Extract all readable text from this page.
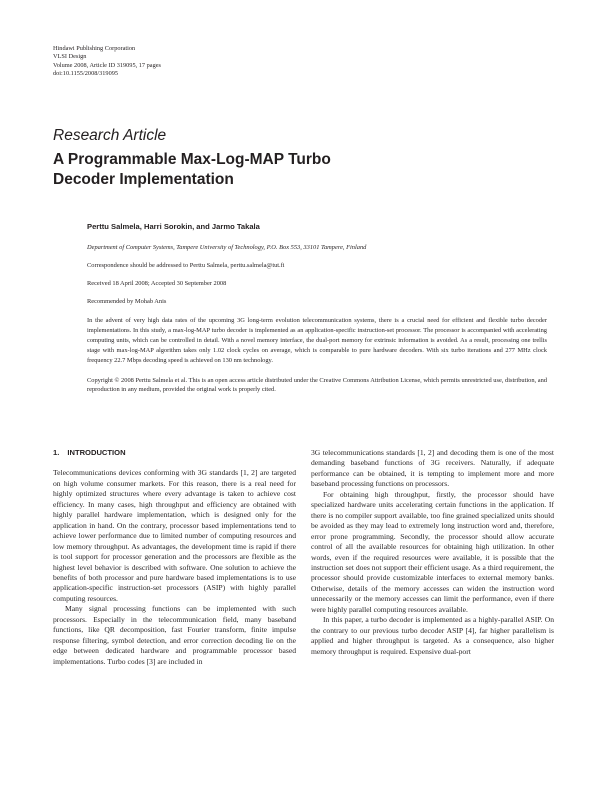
Hindawi Publishing Corporation
VLSI Design
Volume 2008, Article ID 319095, 17 pages
doi:10.1155/2008/319095
Research Article
A Programmable Max-Log-MAP Turbo
Decoder Implementation
Perttu Salmela, Harri Sorokin, and Jarmo Takala
Department of Computer Systems, Tampere University of Technology, P.O. Box 553, 33101 Tampere, Finland
Correspondence should be addressed to Perttu Salmela, perttu.salmela@tut.fi
Received 18 April 2008; Accepted 30 September 2008
Recommended by Mohab Anis

In the advent of very high data rates of the upcoming 3G long-term evolution telecommunication systems, there is a crucial need for efficient and flexible turbo decoder implementations. In this study, a max-log-MAP turbo decoder is implemented as an application-specific instruction-set processor. The processor is accompanied with accelerating computing units, which can be controlled in detail. With a novel memory interface, the dual-port memory for extrinsic information is avoided. As a result, processing one trellis stage with max-log-MAP algorithm takes only 1.02 clock cycles on average, which is comparable to pure hardware decoders. With six turbo iterations and 277 MHz clock frequency 22.7 Mbps decoding speed is achieved on 130 nm technology.

Copyright © 2008 Perttu Salmela et al. This is an open access article distributed under the Creative Commons Attribution License, which permits unrestricted use, distribution, and reproduction in any medium, provided the original work is properly cited.

1. INTRODUCTION

Telecommunications devices conforming with 3G standards [1, 2] are targeted on high volume consumer markets. For this reason, there is a real need for highly optimized structures where every advantage is taken to achieve cost efficiency. In many cases, high throughput and efficiency are obtained with highly parallel hardware implementation, which is designed only for the application in hand. On the contrary, processor based implementations tend to achieve lower performance due to limited number of computing resources and low memory throughput. As advantages, the development time is rapid if there is tool support for processor generation and the processors are flexible as the highest level behavior is described with software. One solution to achieve the benefits of both processor and pure hardware based implementations is to use application-specific instruction-set processors (ASIP) with highly parallel computing resources.

Many signal processing functions can be implemented with such processors. Especially in the telecommunication field, many baseband functions, like QR decomposition, fast Fourier transform, finite impulse response filtering, symbol detection, and error correction decoding lie on the edge between dedicated hardware and programmable processor based implementations. Turbo codes [3] are included in

3G telecommunications standards [1, 2] and decoding them is one of the most demanding baseband functions of 3G receivers. Naturally, if adequate performance can be obtained, it is tempting to implement more and more baseband processing functions on processors.

For obtaining high throughput, firstly, the processor should have specialized hardware units accelerating certain functions in the application. If there is no compiler support available, too fine grained specialized units should be avoided as they may lead to extremely long instruction word and, therefore, error prone programming. Secondly, the processor should allow accurate control of all the available resources for obtaining high utilization. In other words, even if the required resources were available, it is possible that the instruction set does not support their efficient usage. As a third requirement, the processor should provide customizable interfaces to external memory banks. Otherwise, details of the memory accesses can widen the instruction word unnecessarily or the memory accesses can limit the performance, even if there were highly parallel computing resources available.

In this paper, a turbo decoder is implemented as a highly-parallel ASIP. On the contrary to our previous turbo decoder ASIP [4], far higher parallelism is applied and higher throughput is targeted. As a consequence, also higher memory throughput is required. Expensive dual-port
